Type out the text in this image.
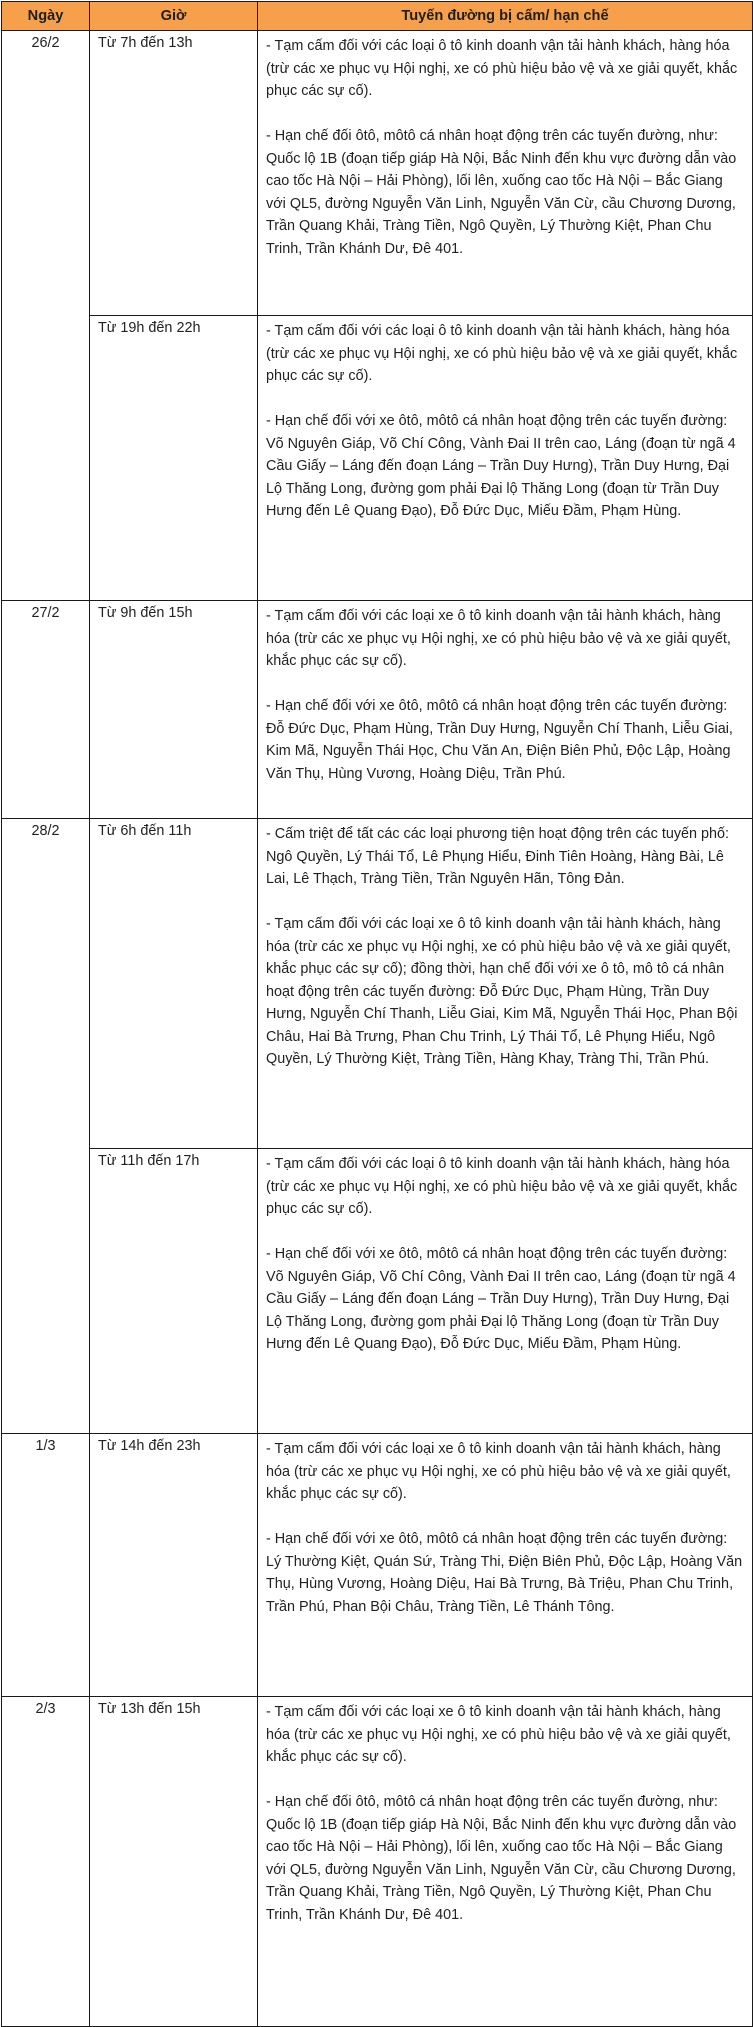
Ngày	Giờ	Tuyến đường bị cấm/ hạn chế
26/2	Từ 7h đến 13h	- Tạm cấm đối với các loại ô tô kinh doanh vận tải hành khách, hàng hóa (trừ các xe phục vụ Hội nghị, xe có phù hiệu bảo vệ và xe giải quyết, khắc phục các sự cố).

- Hạn chế đối ôtô, môtô cá nhân hoạt động trên các tuyến đường, như: Quốc lộ 1B (đoạn tiếp giáp Hà Nội, Bắc Ninh đến khu vực đường dẫn vào cao tốc Hà Nội – Hải Phòng), lối lên, xuống cao tốc Hà Nội – Bắc Giang với QL5, đường Nguyễn Văn Linh, Nguyễn Văn Cừ, cầu Chương Dương, Trần Quang Khải, Tràng Tiền, Ngô Quyền, Lý Thường Kiệt, Phan Chu Trinh, Trần Khánh Dư, Đê 401.

	Từ 19h đến 22h	- Tạm cấm đối với các loại ô tô kinh doanh vận tải hành khách, hàng hóa (trừ các xe phục vụ Hội nghị, xe có phù hiệu bảo vệ và xe giải quyết, khắc phục các sự cố).

- Hạn chế đối với xe ôtô, môtô cá nhân hoạt động trên các tuyến đường: Võ Nguyên Giáp, Võ Chí Công, Vành Đai II trên cao, Láng (đoạn từ ngã 4 Cầu Giấy – Láng đến đoạn Láng – Trần Duy Hưng), Trần Duy Hưng, Đại Lộ Thăng Long, đường gom phải Đại lộ Thăng Long (đoạn từ Trần Duy Hưng đến Lê Quang Đạo), Đỗ Đức Dục, Miếu Đầm, Phạm Hùng.

27/2	Từ 9h đến 15h	- Tạm cấm đối với các loại xe ô tô kinh doanh vận tải hành khách, hàng hóa (trừ các xe phục vụ Hội nghị, xe có phù hiệu bảo vệ và xe giải quyết, khắc phục các sự cố).

- Hạn chế đối với xe ôtô, môtô cá nhân hoạt động trên các tuyến đường: Đỗ Đức Dục, Phạm Hùng, Trần Duy Hưng, Nguyễn Chí Thanh, Liễu Giai, Kim Mã, Nguyễn Thái Học, Chu Văn An, Điện Biên Phủ, Độc Lập, Hoàng Văn Thụ, Hùng Vương, Hoàng Diệu, Trần Phú.

28/2	Từ 6h đến 11h	- Cấm triệt để tất các các loại phương tiện hoạt động trên các tuyến phố: Ngô Quyền, Lý Thái Tổ, Lê Phụng Hiểu, Đinh Tiên Hoàng, Hàng Bài, Lê Lai, Lê Thạch, Tràng Tiền, Trần Nguyên Hãn, Tông Đản.

- Tạm cấm đối với các loại xe ô tô kinh doanh vận tải hành khách, hàng hóa (trừ các xe phục vụ Hội nghị, xe có phù hiệu bảo vệ và xe giải quyết, khắc phục các sự cố); đồng thời, hạn chế đối với xe ô tô, mô tô cá nhân hoạt động trên các tuyến đường: Đỗ Đức Dục, Phạm Hùng, Trần Duy Hưng, Nguyễn Chí Thanh, Liễu Giai, Kim Mã, Nguyễn Thái Học, Phan Bội Châu, Hai Bà Trưng, Phan Chu Trinh, Lý Thái Tổ, Lê Phụng Hiểu, Ngô Quyền, Lý Thường Kiệt, Tràng Tiền, Hàng Khay, Tràng Thi, Trần Phú.

	Từ 11h đến 17h	- Tạm cấm đối với các loại ô tô kinh doanh vận tải hành khách, hàng hóa (trừ các xe phục vụ Hội nghị, xe có phù hiệu bảo vệ và xe giải quyết, khắc phục các sự cố).

- Hạn chế đối với xe ôtô, môtô cá nhân hoạt động trên các tuyến đường: Võ Nguyên Giáp, Võ Chí Công, Vành Đai II trên cao, Láng (đoạn từ ngã 4 Cầu Giấy – Láng đến đoạn Láng – Trần Duy Hưng), Trần Duy Hưng, Đại Lộ Thăng Long, đường gom phải Đại lộ Thăng Long (đoạn từ Trần Duy Hưng đến Lê Quang Đạo), Đỗ Đức Dục, Miếu Đầm, Phạm Hùng.

1/3	Từ 14h đến 23h	- Tạm cấm đối với các loại xe ô tô kinh doanh vận tải hành khách, hàng hóa (trừ các xe phục vụ Hội nghị, xe có phù hiệu bảo vệ và xe giải quyết, khắc phục các sự cố).

- Hạn chế đối với xe ôtô, môtô cá nhân hoạt động trên các tuyến đường: Lý Thường Kiệt, Quán Sứ, Tràng Thi, Điện Biên Phủ, Độc Lập, Hoàng Văn Thụ, Hùng Vương, Hoàng Diệu, Hai Bà Trưng, Bà Triệu, Phan Chu Trinh, Trần Phú, Phan Bội Châu, Tràng Tiền, Lê Thánh Tông.

2/3	Từ 13h đến 15h	- Tạm cấm đối với các loại xe ô tô kinh doanh vận tải hành khách, hàng hóa (trừ các xe phục vụ Hội nghị, xe có phù hiệu bảo vệ và xe giải quyết, khắc phục các sự cố).

- Hạn chế đối ôtô, môtô cá nhân hoạt động trên các tuyến đường, như: Quốc lộ 1B (đoạn tiếp giáp Hà Nội, Bắc Ninh đến khu vực đường dẫn vào cao tốc Hà Nội – Hải Phòng), lối lên, xuống cao tốc Hà Nội – Bắc Giang với QL5, đường Nguyễn Văn Linh, Nguyễn Văn Cừ, cầu Chương Dương, Trần Quang Khải, Tràng Tiền, Ngô Quyền, Lý Thường Kiệt, Phan Chu Trinh, Trần Khánh Dư, Đê 401.
